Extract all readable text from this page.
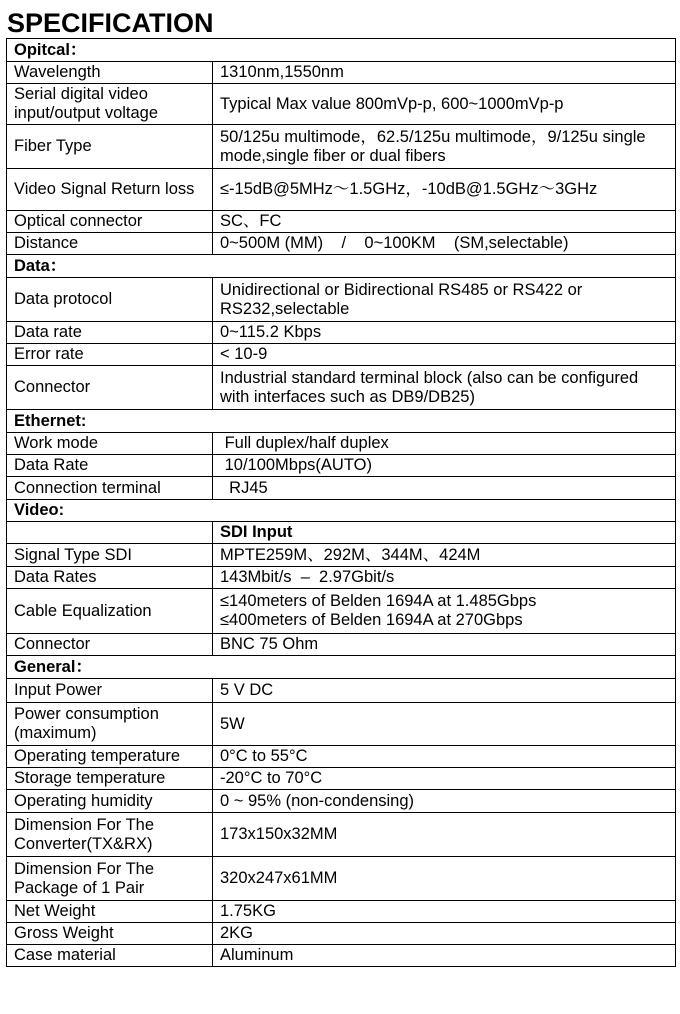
SPECIFICATION
Opitcal：	
Wavelength	1310nm,1550nm
Serial digital video input/output voltage	Typical Max value 800mVp-p, 600~1000mVp-p
Fiber Type	50/125u multimode，62.5/125u multimode，9/125u single mode,single fiber or dual fibers
Video Signal Return loss	≤-15dB@5MHz～1.5GHz，-10dB@1.5GHz～3GHz
Optical connector	SC、FC
Distance	0~500M (MM)    /    0~100KM    (SM,selectable)
Data：	
Data protocol	Unidirectional or Bidirectional RS485 or RS422 or RS232,selectable
Data rate	0~115.2 Kbps
Error rate	< 10-9
Connector	Industrial standard terminal block (also can be configured with interfaces such as DB9/DB25)
Ethernet:	
Work mode	Full duplex/half duplex
Data Rate	10/100Mbps(AUTO)
Connection terminal	RJ45
Video:	
	SDI Input
Signal Type SDI	MPTE259M、292M、344M、424M
Data Rates	143Mbit/s  –  2.97Gbit/s
Cable Equalization	≤140meters of Belden 1694A at 1.485Gbps
≤400meters of Belden 1694A at 270Gbps
Connector	BNC 75 Ohm
General：	
Input Power	5 V DC
Power consumption (maximum)	5W
Operating temperature	0°C to 55°C
Storage temperature	-20°C to 70°C
Operating humidity	0 ~ 95% (non-condensing)
Dimension For The Converter(TX&RX)	173x150x32MM
Dimension For The Package of 1 Pair	320x247x61MM
Net Weight	1.75KG
Gross Weight	2KG
Case material	Aluminum
